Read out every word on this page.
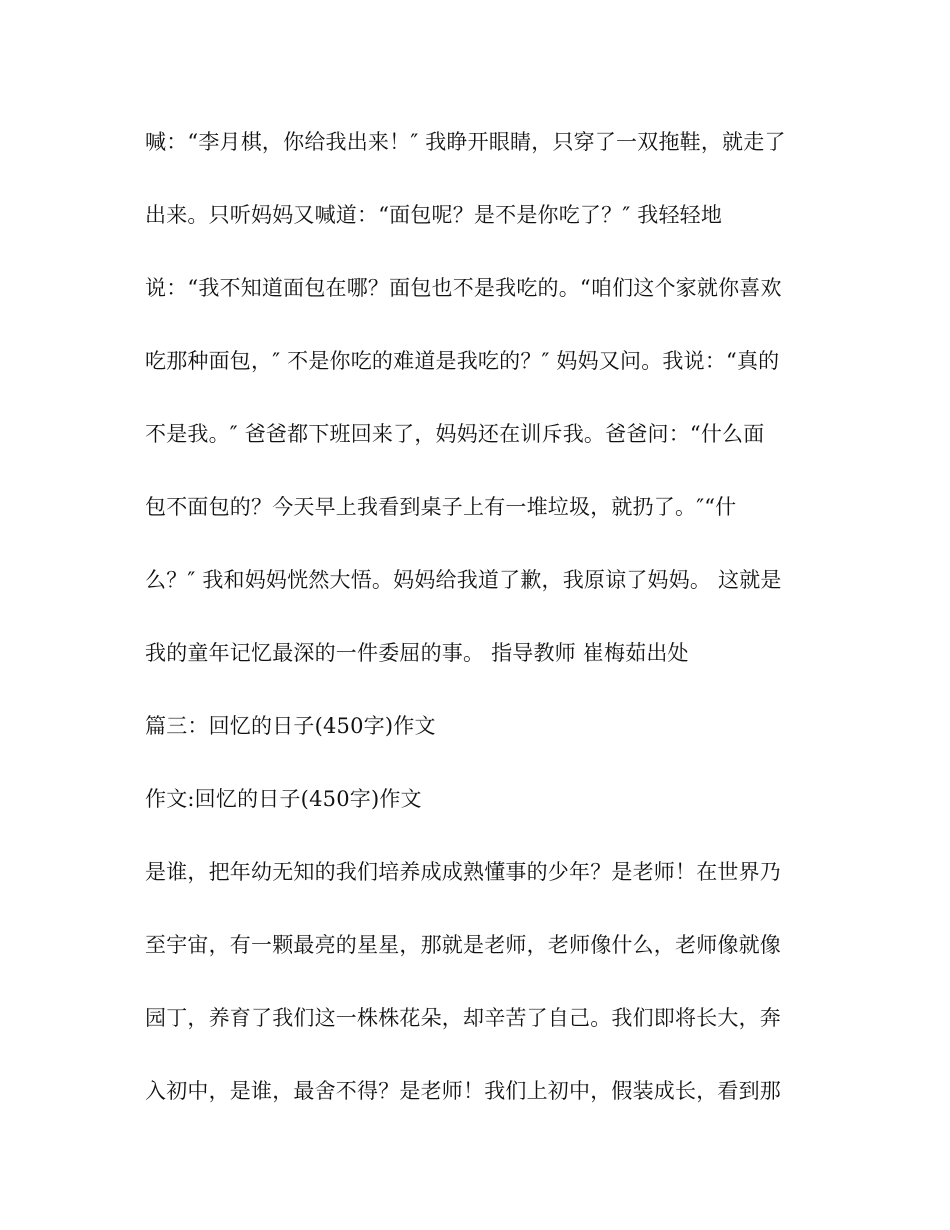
喊：“李月棋，你给我出来！″ 我睁开眼睛，只穿了一双拖鞋，就走了
出来。只听妈妈又喊道：“面包呢？是不是你吃了？″ 我轻轻地
说：“我不知道面包在哪？面包也不是我吃的。“咱们这个家就你喜欢
吃那种面包，″ 不是你吃的难道是我吃的？″ 妈妈又问。我说：“真的
不是我。″ 爸爸都下班回来了，妈妈还在训斥我。爸爸问：“什么面
包不面包的？今天早上我看到桌子上有一堆垃圾，就扔了。″“什
么？″ 我和妈妈恍然大悟。妈妈给我道了歉，我原谅了妈妈。 这就是
我的童年记忆最深的一件委屈的事。 指导教师 崔梅茹出处
篇三：回忆的日子(450字)作文
作文:回忆的日子(450字)作文
是谁，把年幼无知的我们培养成成熟懂事的少年？是老师！在世界乃
至宇宙，有一颗最亮的星星，那就是老师，老师像什么，老师像就像
园丁，养育了我们这一株株花朵，却辛苦了自己。我们即将长大，奔
入初中，是谁，最舍不得？是老师！我们上初中，假装成长，看到那
